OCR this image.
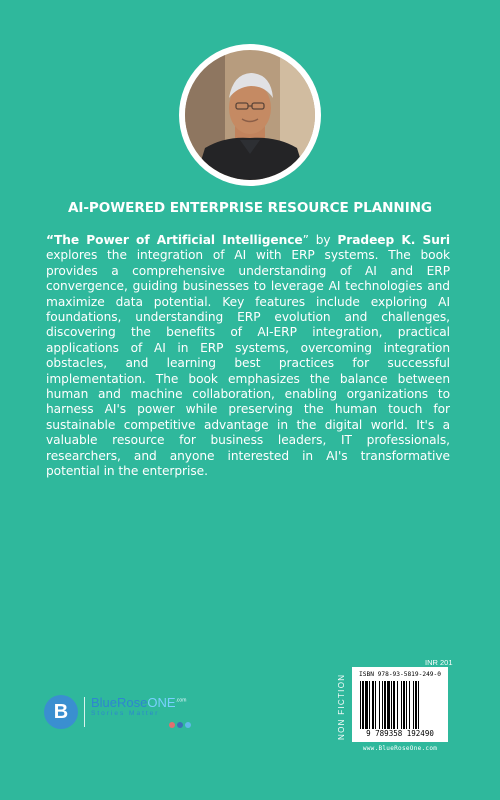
AI-POWERED ENTERPRISE RESOURCE PLANNING

“The Power of Artificial Intelligence” by Pradeep K. Suri explores the integration of AI with ERP systems. The book provides a comprehensive understanding of AI and ERP convergence, guiding businesses to leverage AI technologies and maximize data potential. Key features include exploring AI foundations, understanding ERP evolution and challenges, discovering the benefits of AI-ERP integration, practical applications of AI in ERP systems, overcoming integration obstacles, and learning best practices for successful implementation. The book emphasizes the balance between human and machine collaboration, enabling organizations to harness AI's power while preserving the human touch for sustainable competitive advantage in the digital world. It's a valuable resource for business leaders, IT professionals, researchers, and anyone interested in AI's transformative potential in the enterprise.

B	BlueRoseONE$^{.com}$
Stories Matter
INR 201
NON FICTION	ISBN 978-93-5819-249-0
9 789358 192490
www.BlueRoseOne.com
